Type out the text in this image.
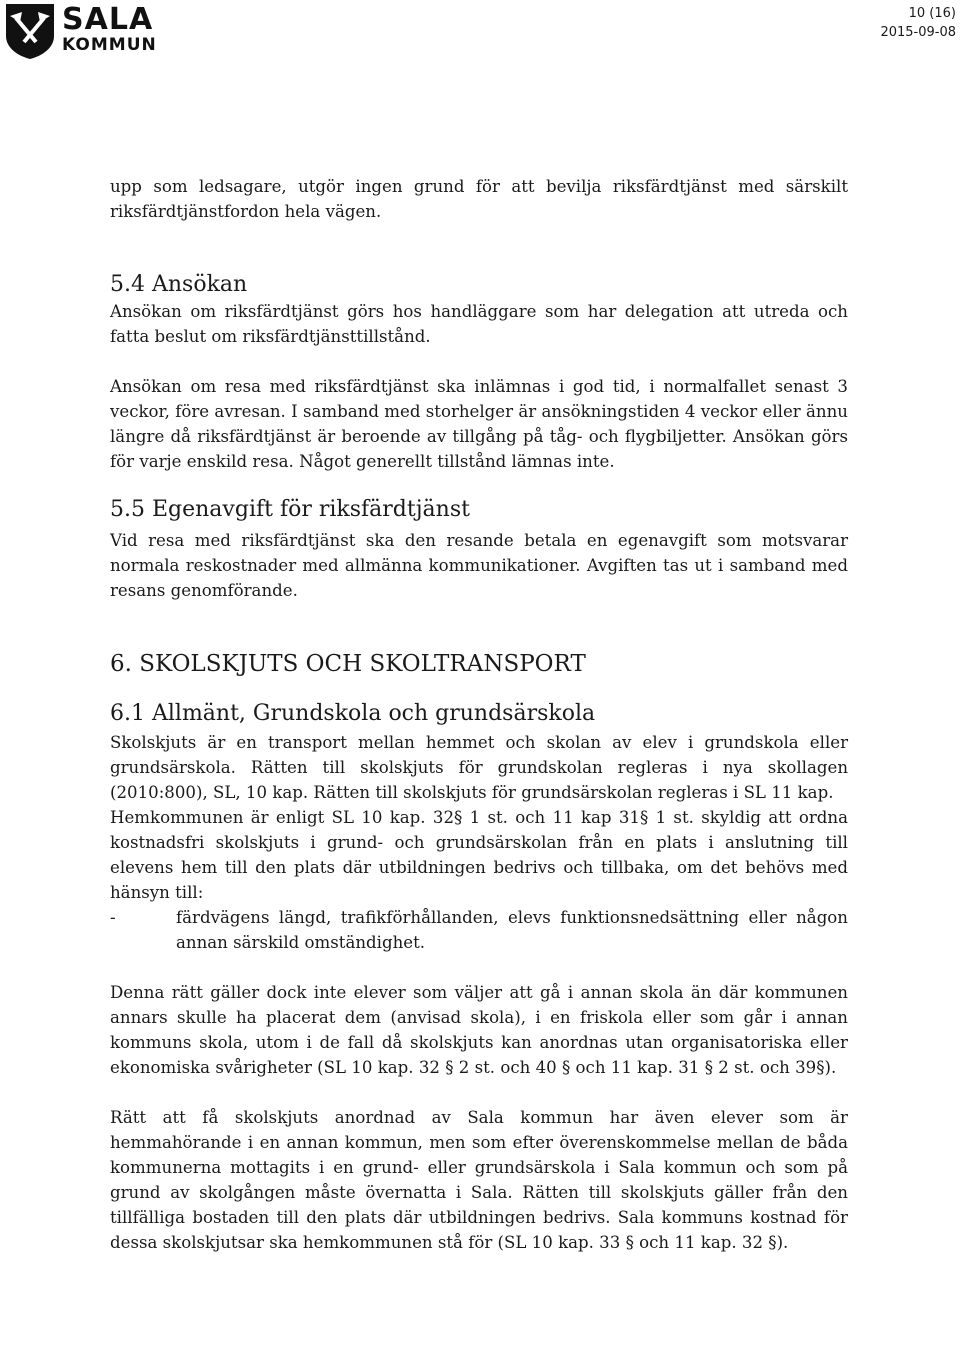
SALA
KOMMUN
10 (16)
2015-09-08

upp som ledsagare, utgör ingen grund för att bevilja riksfärdtjänst med särskilt riksfärdtjänstfordon hela vägen.

5.4 Ansökan

Ansökan om riksfärdtjänst görs hos handläggare som har delegation att utreda och fatta beslut om riksfärdtjänsttillstånd.

Ansökan om resa med riksfärdtjänst ska inlämnas i god tid, i normalfallet senast 3 veckor, före avresan. I samband med storhelger är ansökningstiden 4 veckor eller ännu längre då riksfärdtjänst är beroende av tillgång på tåg- och flygbiljetter. Ansökan görs för varje enskild resa. Något generellt tillstånd lämnas inte.

5.5 Egenavgift för riksfärdtjänst

Vid resa med riksfärdtjänst ska den resande betala en egenavgift som motsvarar normala reskostnader med allmänna kommunikationer. Avgiften tas ut i samband med resans genomförande.

6. SKOLSKJUTS OCH SKOLTRANSPORT
6.1 Allmänt, Grundskola och grundsärskola

Skolskjuts är en transport mellan hemmet och skolan av elev i grundskola eller grundsärskola. Rätten till skolskjuts för grundskolan regleras i nya skollagen (2010:800), SL, 10 kap. Rätten till skolskjuts för grundsärskolan regleras i SL 11 kap.

Hemkommunen är enligt SL 10 kap. 32§ 1 st. och 11 kap 31§ 1 st. skyldig att ordna kostnadsfri skolskjuts i grund- och grundsärskolan från en plats i anslutning till elevens hem till den plats där utbildningen bedrivs och tillbaka, om det behövs med hänsyn till:

-	färdvägens längd, trafikförhållanden, elevs funktionsnedsättning eller någon annan särskild omständighet.

Denna rätt gäller dock inte elever som väljer att gå i annan skola än där kommunen annars skulle ha placerat dem (anvisad skola), i en friskola eller som går i annan kommuns skola, utom i de fall då skolskjuts kan anordnas utan organisatoriska eller ekonomiska svårigheter (SL 10 kap. 32 § 2 st. och 40 § och 11 kap. 31 § 2 st. och 39§).

Rätt att få skolskjuts anordnad av Sala kommun har även elever som är hemmahörande i en annan kommun, men som efter överenskommelse mellan de båda kommunerna mottagits i en grund- eller grundsärskola i Sala kommun och som på grund av skolgången måste övernatta i Sala. Rätten till skolskjuts gäller från den tillfälliga bostaden till den plats där utbildningen bedrivs. Sala kommuns kostnad för dessa skolskjutsar ska hemkommunen stå för (SL 10 kap. 33 § och 11 kap. 32 §).
